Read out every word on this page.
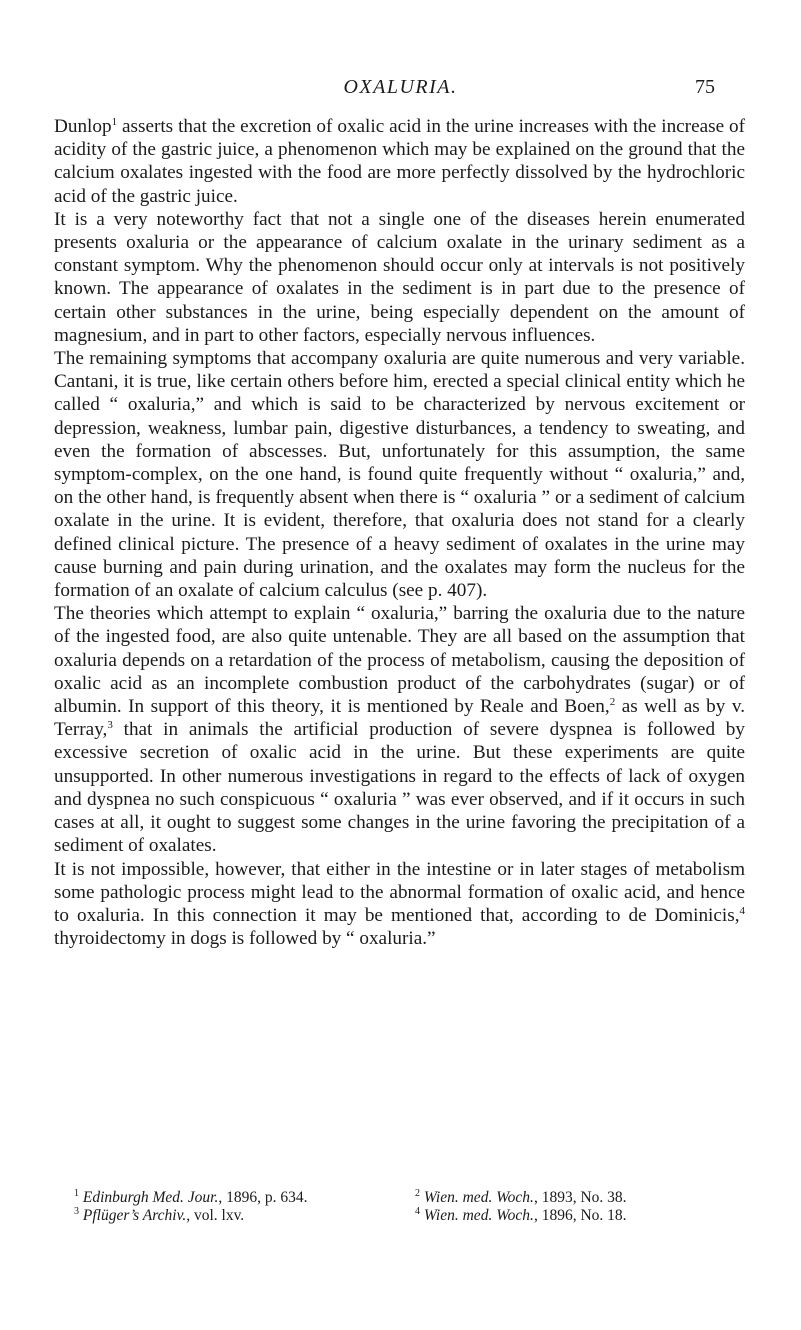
OXALURIA.	75

Dunlop$^1$ asserts that the excretion of oxalic acid in the urine increases with the increase of acidity of the gastric juice, a phenomenon which may be explained on the ground that the calcium oxalates ingested with the food are more perfectly dissolved by the hydrochloric acid of the gastric juice.

It is a very noteworthy fact that not a single one of the diseases herein enumerated presents oxaluria or the appearance of calcium oxalate in the urinary sediment as a constant symptom. Why the phenomenon should occur only at intervals is not positively known. The appearance of oxalates in the sediment is in part due to the presence of certain other substances in the urine, being especially dependent on the amount of magnesium, and in part to other factors, especially nervous influences.

The remaining symptoms that accompany oxaluria are quite numerous and very variable. Cantani, it is true, like certain others before him, erected a special clinical entity which he called “ oxaluria,” and which is said to be characterized by nervous excitement or depression, weakness, lumbar pain, digestive disturbances, a tendency to sweating, and even the formation of abscesses. But, unfortunately for this assumption, the same symptom-complex, on the one hand, is found quite frequently without “ oxaluria,” and, on the other hand, is frequently absent when there is “ oxaluria ” or a sediment of calcium oxalate in the urine. It is evident, therefore, that oxaluria does not stand for a clearly defined clinical picture. The presence of a heavy sediment of oxalates in the urine may cause burning and pain during urination, and the oxalates may form the nucleus for the formation of an oxalate of calcium calculus (see p. 407).

The theories which attempt to explain “ oxaluria,” barring the oxaluria due to the nature of the ingested food, are also quite untenable. They are all based on the assumption that oxaluria depends on a retardation of the process of metabolism, causing the deposition of oxalic acid as an incomplete combustion product of the carbohydrates (sugar) or of albumin. In support of this theory, it is mentioned by Reale and Boen,$^2$ as well as by v. Terray,$^3$ that in animals the artificial production of severe dyspnea is followed by excessive secretion of oxalic acid in the urine. But these experiments are quite unsupported. In other numerous investigations in regard to the effects of lack of oxygen and dyspnea no such conspicuous “ oxaluria ” was ever observed, and if it occurs in such cases at all, it ought to suggest some changes in the urine favoring the precipitation of a sediment of oxalates.

It is not impossible, however, that either in the intestine or in later stages of metabolism some pathologic process might lead to the abnormal formation of oxalic acid, and hence to oxaluria. In this connection it may be mentioned that, according to de Dominicis,$^4$ thyroidectomy in dogs is followed by “ oxaluria.”

$^1$ Edinburgh Med. Jour., 1896, p. 634.	$^2$ Wien. med. Woch., 1893, No. 38.
$^3$ Pflüger’s Archiv., vol. lxv.	$^4$ Wien. med. Woch., 1896, No. 18.
